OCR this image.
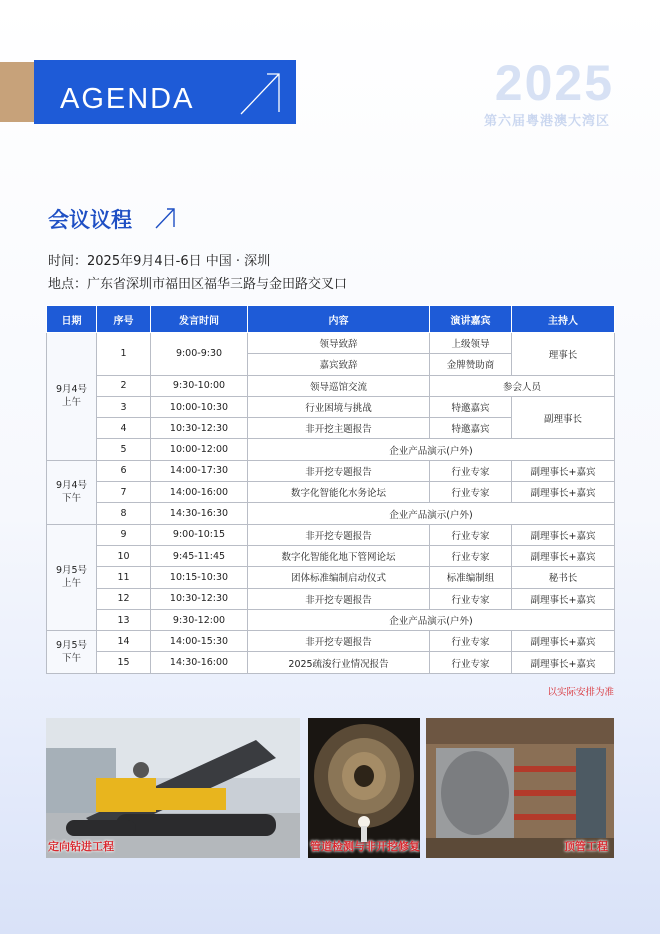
AGENDA	2025
第六届粤港澳大湾区
会议议程
时间：2025年9月4日-6日 中国 · 深圳
地点：广东省深圳市福田区福华三路与金田路交叉口
日期	序号	发言时间	内容	演讲嘉宾	主持人
9月4号
上午	1	9:00-9:30	领导致辞	上级领导	理事长
			嘉宾致辞	金牌赞助商	
	2	9:30-10:00	领导巡馆交流	参会人员	
	3	10:00-10:30	行业困境与挑战	特邀嘉宾	副理事长
	4	10:30-12:30	非开挖主题报告	特邀嘉宾	
	5	10:00-12:00	企业产品演示(户外)		
9月4号
下午	6	14:00-17:30	非开挖专题报告	行业专家	副理事长+嘉宾
	7	14:00-16:00	数字化智能化水务论坛	行业专家	副理事长+嘉宾
	8	14:30-16:30	企业产品演示(户外)		
9月5号
上午	9	9:00-10:15	非开挖专题报告	行业专家	副理事长+嘉宾
	10	9:45-11:45	数字化智能化地下管网论坛	行业专家	副理事长+嘉宾
	11	10:15-10:30	团体标准编制启动仪式	标准编制组	秘书长
	12	10:30-12:30	非开挖专题报告	行业专家	副理事长+嘉宾
	13	9:30-12:00	企业产品演示(户外)		
9月5号
下午	14	14:00-15:30	非开挖专题报告	行业专家	副理事长+嘉宾
	15	14:30-16:00	2025疏浚行业情况报告	行业专家	副理事长+嘉宾
以实际安排为准
定向钻进工程	管道检测与非开挖修复	顶管工程
